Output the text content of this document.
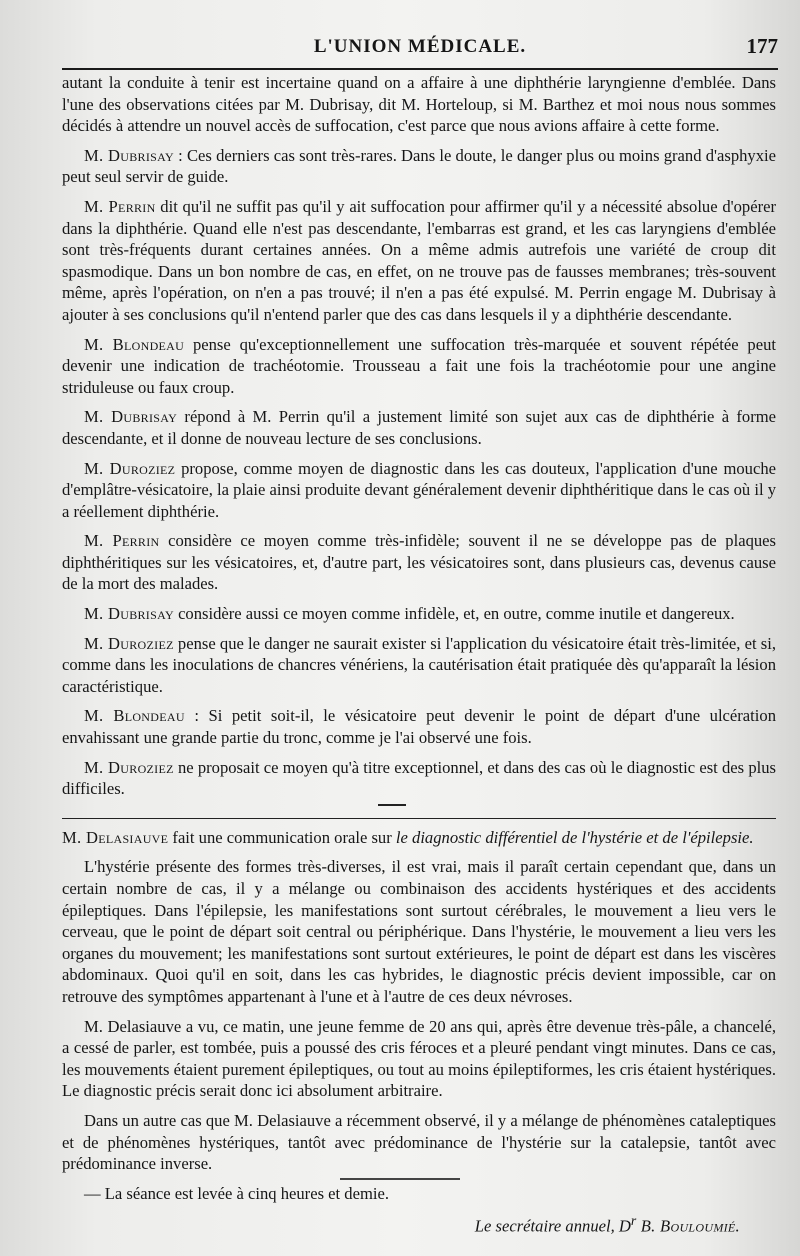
L'UNION MÉDICALE.	177

autant la conduite à tenir est incertaine quand on a affaire à une diphthérie laryngienne d'emblée. Dans l'une des observations citées par M. Dubrisay, dit M. Horteloup, si M. Barthez et moi nous nous sommes décidés à attendre un nouvel accès de suffocation, c'est parce que nous avions affaire à cette forme.

M. Dubrisay : Ces derniers cas sont très-rares. Dans le doute, le danger plus ou moins grand d'asphyxie peut seul servir de guide.

M. Perrin dit qu'il ne suffit pas qu'il y ait suffocation pour affirmer qu'il y a nécessité absolue d'opérer dans la diphthérie. Quand elle n'est pas descendante, l'embarras est grand, et les cas laryngiens d'emblée sont très-fréquents durant certaines années. On a même admis autrefois une variété de croup dit spasmodique. Dans un bon nombre de cas, en effet, on ne trouve pas de fausses membranes; très-souvent même, après l'opération, on n'en a pas trouvé; il n'en a pas été expulsé. M. Perrin engage M. Dubrisay à ajouter à ses conclusions qu'il n'entend parler que des cas dans lesquels il y a diphthérie descendante.

M. Blondeau pense qu'exceptionnellement une suffocation très-marquée et souvent répétée peut devenir une indication de trachéotomie. Trousseau a fait une fois la trachéotomie pour une angine striduleuse ou faux croup.

M. Dubrisay répond à M. Perrin qu'il a justement limité son sujet aux cas de diphthérie à forme descendante, et il donne de nouveau lecture de ses conclusions.

M. Duroziez propose, comme moyen de diagnostic dans les cas douteux, l'application d'une mouche d'emplâtre-vésicatoire, la plaie ainsi produite devant généralement devenir diphthéritique dans le cas où il y a réellement diphthérie.

M. Perrin considère ce moyen comme très-infidèle; souvent il ne se développe pas de plaques diphthéritiques sur les vésicatoires, et, d'autre part, les vésicatoires sont, dans plusieurs cas, devenus cause de la mort des malades.

M. Dubrisay considère aussi ce moyen comme infidèle, et, en outre, comme inutile et dangereux.

M. Duroziez pense que le danger ne saurait exister si l'application du vésicatoire était très-limitée, et si, comme dans les inoculations de chancres vénériens, la cautérisation était pratiquée dès qu'apparaît la lésion caractéristique.

M. Blondeau : Si petit soit-il, le vésicatoire peut devenir le point de départ d'une ulcération envahissant une grande partie du tronc, comme je l'ai observé une fois.

M. Duroziez ne proposait ce moyen qu'à titre exceptionnel, et dans des cas où le diagnostic est des plus difficiles.

M. Delasiauve fait une communication orale sur le diagnostic différentiel de l'hystérie et de l'épilepsie.

L'hystérie présente des formes très-diverses, il est vrai, mais il paraît certain cependant que, dans un certain nombre de cas, il y a mélange ou combinaison des accidents hystériques et des accidents épileptiques. Dans l'épilepsie, les manifestations sont surtout cérébrales, le mouvement a lieu vers le cerveau, que le point de départ soit central ou périphérique. Dans l'hystérie, le mouvement a lieu vers les organes du mouvement; les manifestations sont surtout extérieures, le point de départ est dans les viscères abdominaux. Quoi qu'il en soit, dans les cas hybrides, le diagnostic précis devient impossible, car on retrouve des symptômes appartenant à l'une et à l'autre de ces deux névroses.

M. Delasiauve a vu, ce matin, une jeune femme de 20 ans qui, après être devenue très-pâle, a chancelé, a cessé de parler, est tombée, puis a poussé des cris féroces et a pleuré pendant vingt minutes. Dans ce cas, les mouvements étaient purement épileptiques, ou tout au moins épileptiformes, les cris étaient hystériques. Le diagnostic précis serait donc ici absolument arbitraire.

Dans un autre cas que M. Delasiauve a récemment observé, il y a mélange de phénomènes cataleptiques et de phénomènes hystériques, tantôt avec prédominance de l'hystérie sur la catalepsie, tantôt avec prédominance inverse.

— La séance est levée à cinq heures et demie.

Le secrétaire annuel, $D^r$ B. Bouloumié.
